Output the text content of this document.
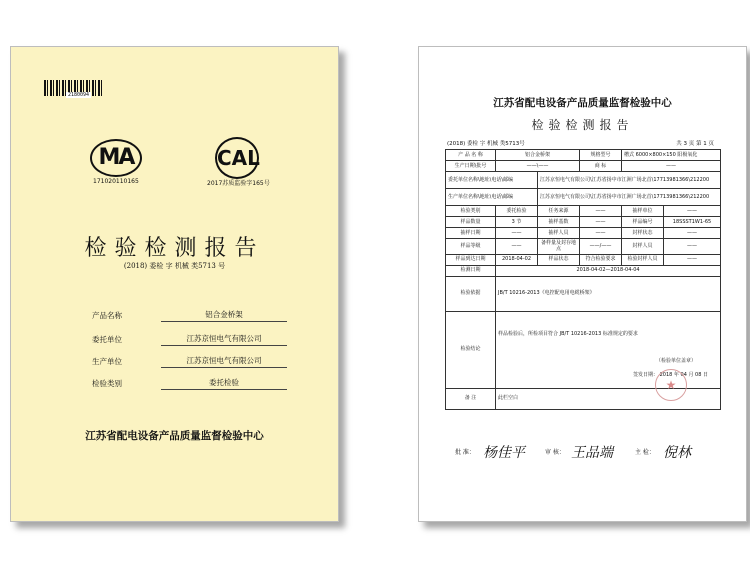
2180094
MA
171020110165
CAL
2017苏质监验字165号
检验检测报告
(2018) 委检 字 机械 类5713 号
产品名称	铝合金桥架
委托单位	江苏京恒电气有限公司
生产单位	江苏京恒电气有限公司
检验类别	委托检验
江苏省配电设备产品质量监督检验中心
江苏省配电设备产品质量监督检验中心
检验检测报告
(2018) 委检 字 机械 类5713号	共 3 页 第 1 页
产 品 名 称	铝合金桥架		规格型号	槽式 6000×800×150 阳极氧化	
生产日期\批号	——\——		商 标	——	
委托单位名称\地址\电话\邮编		江苏京恒电气有限公司\江苏省扬中市江洲广场北首\17713981366\212200			
生产单位名称\地址\电话\邮编		江苏京恒电气有限公司\江苏省扬中市江洲广场北首\17713981366\212200			
检验类别	委托检验	任务来源	——	抽样单位	——
样品数量	3 节	抽样基数	——	样品编号	18SSST1W1-65
抽样日期	——	抽样人员	——	封样状态	——
样品等级	——	备样量及封存地点	——/——	封样人员	——
样品到达日期	2018-04-02	样品状态	符合检验要求	检验封样人员	——
检测日期	2018-04-02—2018-04-04				
检验依据	JB/T 10216-2013《电控配电用电缆桥架》				
检验结论	样品检验后，所检项目符合 JB/T 10216-2013 标准规定的要求
（检验单位盖章）
签发日期： 2018 年 04 月 08 日				

备 注	此栏空白				
★
批 准： 杨佳平	审 核： 王品端	主 检： 倪林
